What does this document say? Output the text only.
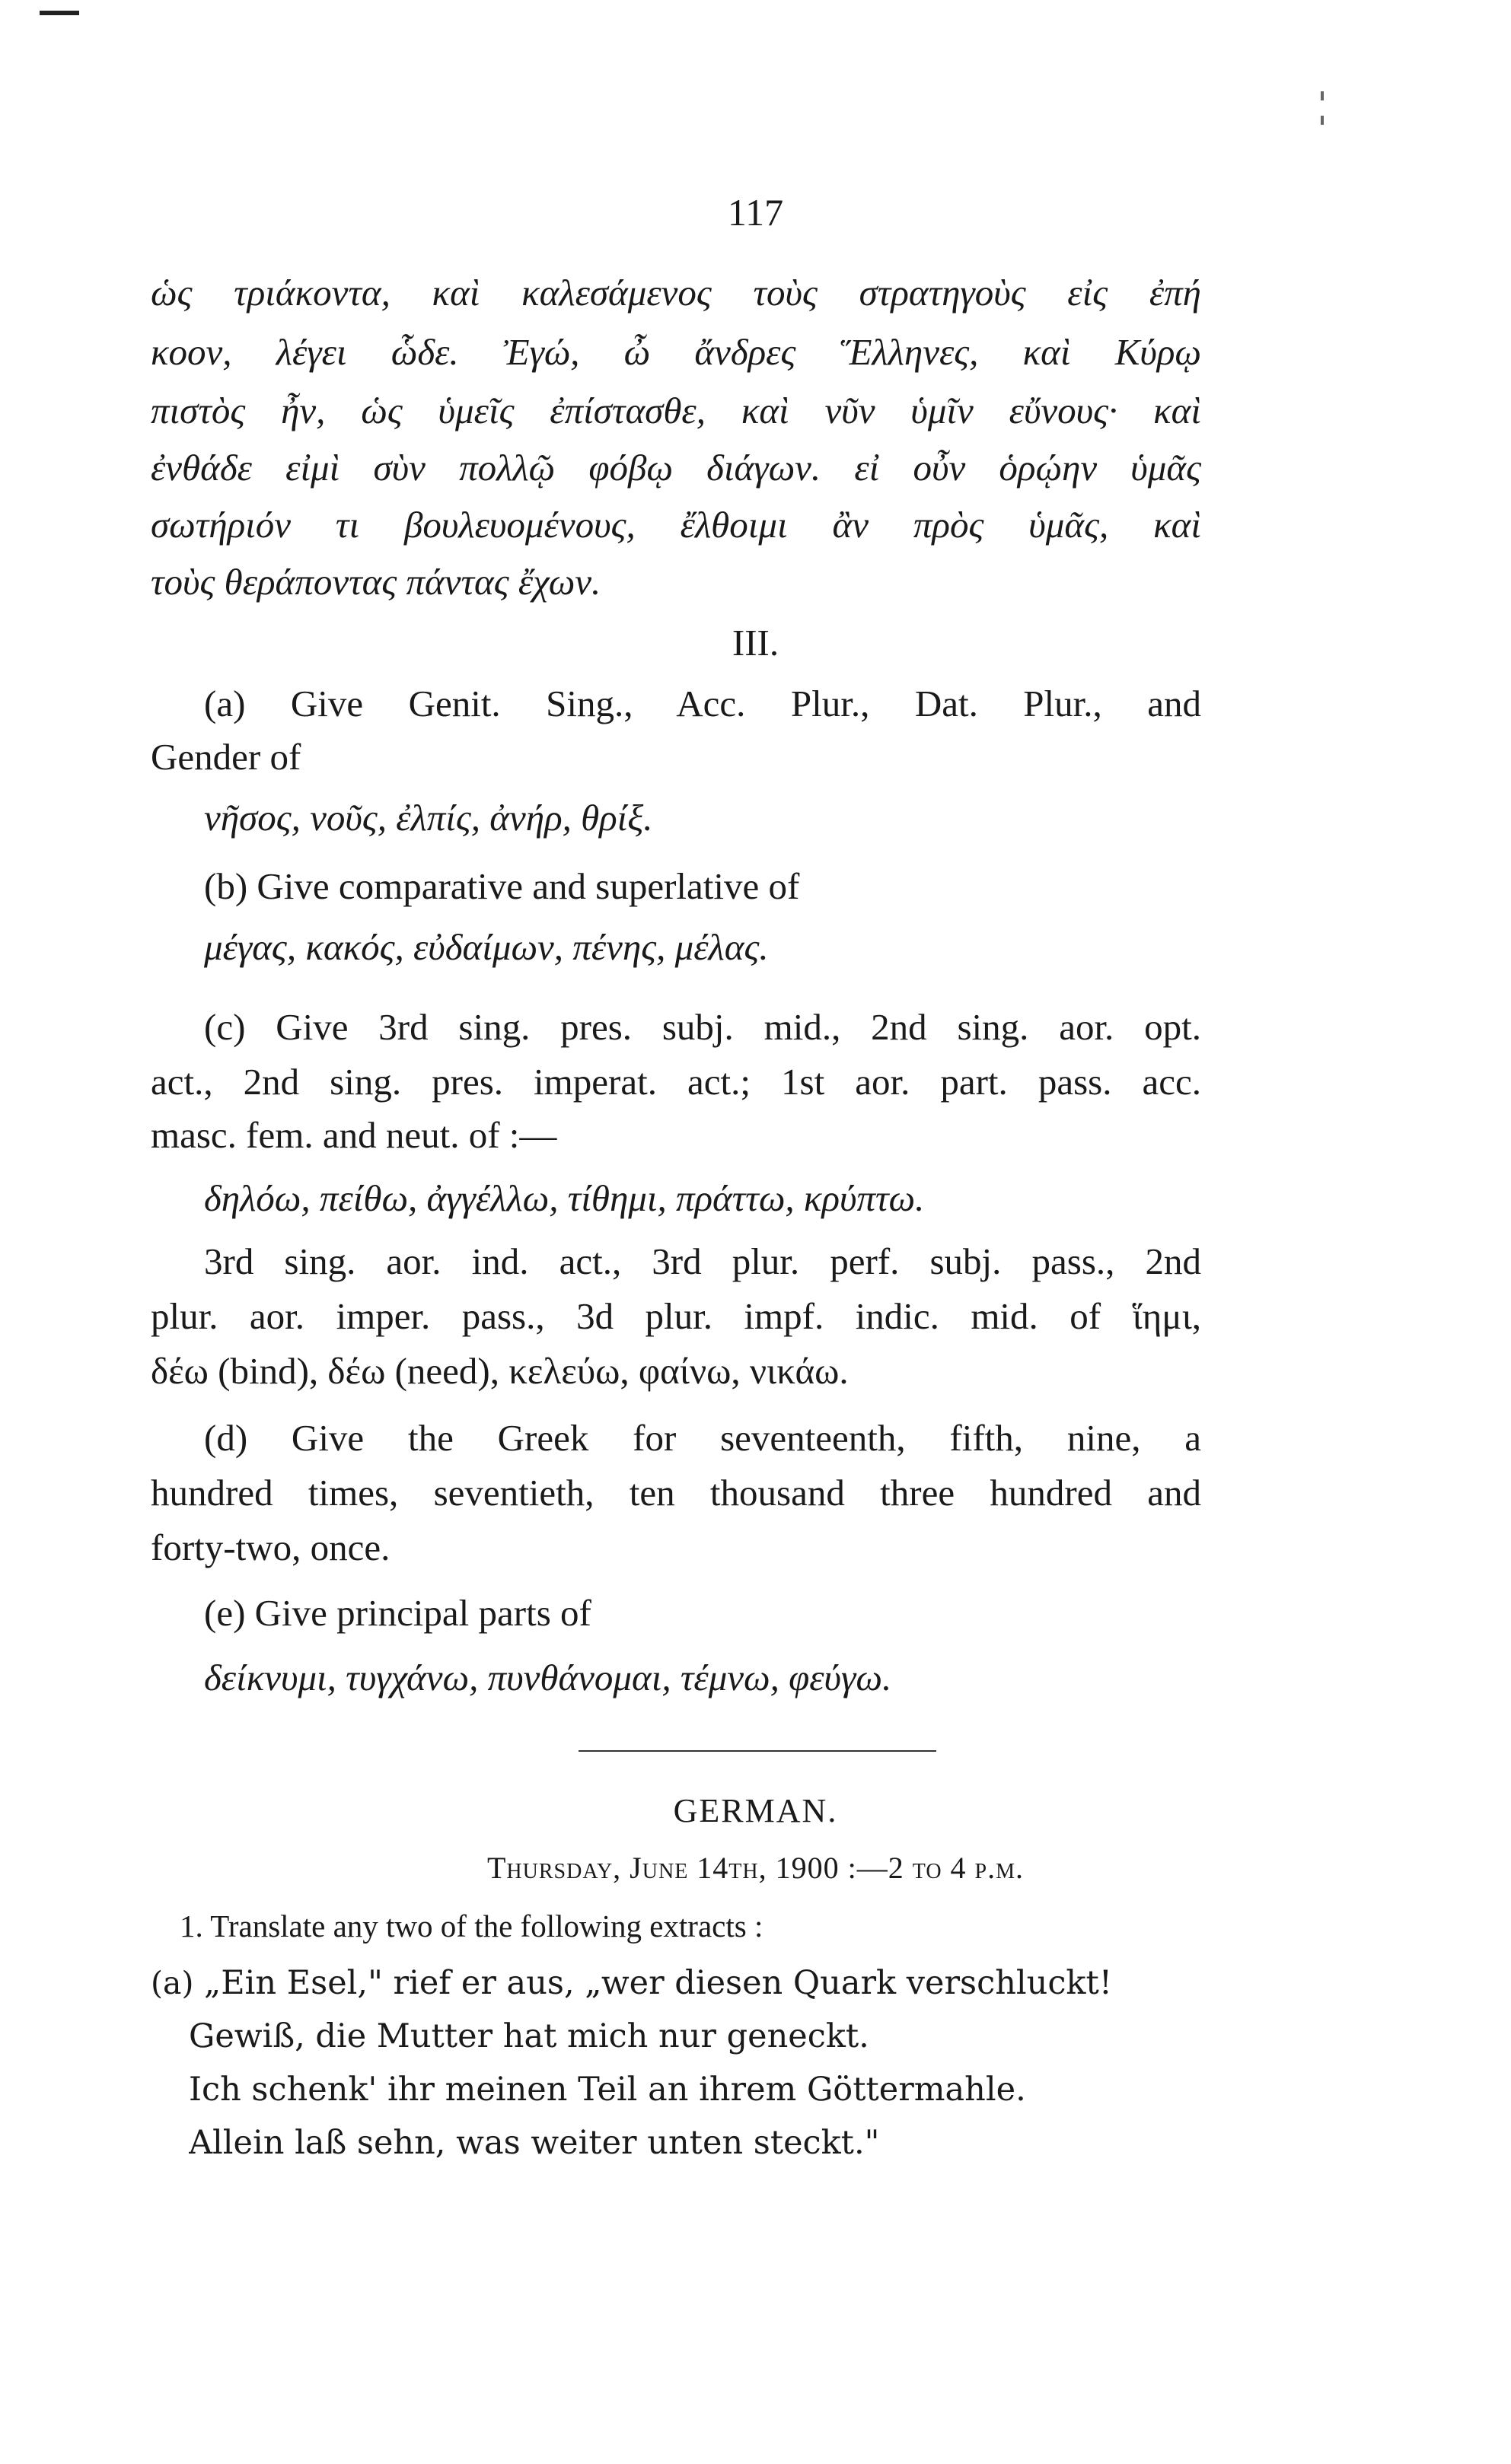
117
ὡς τριάκοντα, καὶ καλεσάμενος τοὺς στρατηγοὺς εἰς ἐπή
κοον, λέγει ὧδε. Ἐγώ, ὦ ἄνδρες Ἕλληνες, καὶ Κύρῳ
πιστὸς ἦν, ὡς ὑμεῖς ἐπίστασθε, καὶ νῦν ὑμῖν εὔνους· καὶ
ἐνθάδε εἰμὶ σὺν πολλῷ φόβῳ διάγων. εἰ οὖν ὁρῴην ὑμᾶς
σωτήριόν τι βουλευομένους, ἔλθοιμι ἂν πρὸς ὑμᾶς, καὶ
τοὺς θεράποντας πάντας ἔχων.
III.
(a) Give Genit. Sing., Acc. Plur., Dat. Plur., and
Gender of
νῆσος, νοῦς, ἐλπίς, ἀνήρ, θρίξ.
(b) Give comparative and superlative of
μέγας, κακός, εὐδαίμων, πένης, μέλας.
(c) Give 3rd sing. pres. subj. mid., 2nd sing. aor. opt.
act., 2nd sing. pres. imperat. act.; 1st aor. part. pass. acc.
masc. fem. and neut. of :—
δηλόω, πείθω, ἀγγέλλω, τίθημι, πράττω, κρύπτω.
3rd sing. aor. ind. act., 3rd plur. perf. subj. pass., 2nd
plur. aor. imper. pass., 3d plur. impf. indic. mid. of ἵημι,
δέω (bind), δέω (need), κελεύω, φαίνω, νικάω.
(d) Give the Greek for seventeenth, fifth, nine, a
hundred times, seventieth, ten thousand three hundred and
forty-two, once.
(e) Give principal parts of
δείκνυμι, τυγχάνω, πυνθάνομαι, τέμνω, φεύγω.
GERMAN.
Thursday, June 14th, 1900 :—2 to 4 p.m.
1. Translate any two of the following extracts :
(a) „Ein Esel," rief er aus, „wer diesen Quark verschluckt!
Gewiß, die Mutter hat mich nur geneckt.
Ich schenk' ihr meinen Teil an ihrem Göttermahle.
Allein laß sehn, was weiter unten steckt."
